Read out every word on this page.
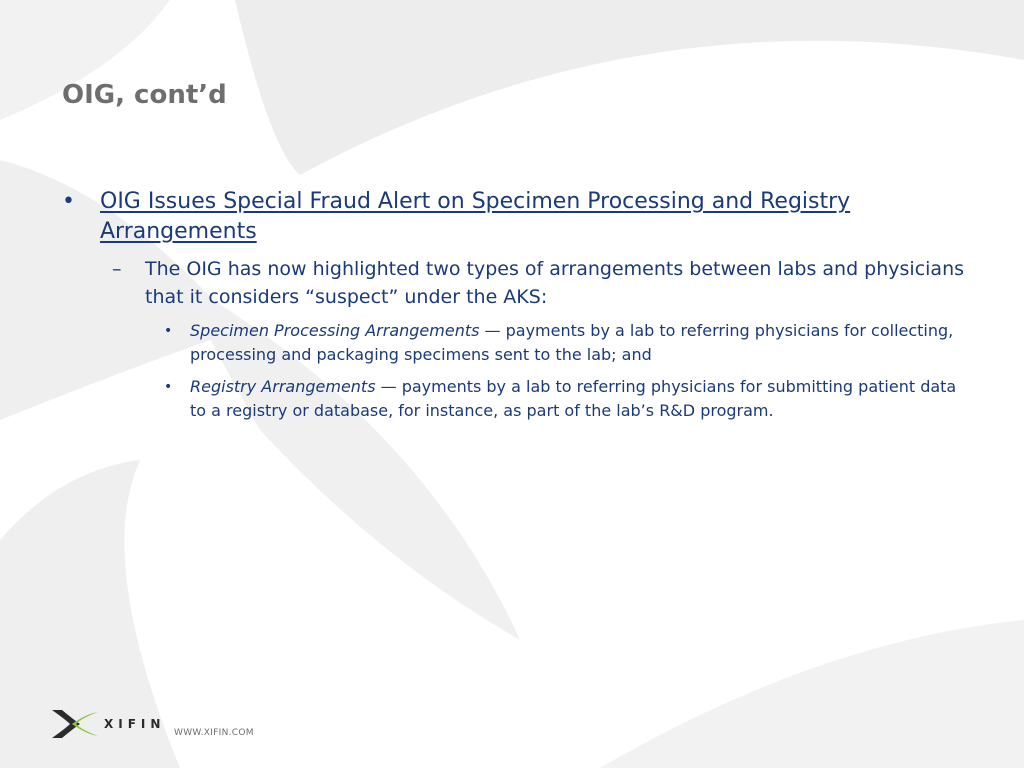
OIG, cont’d
• OIG Issues Special Fraud Alert on Specimen Processing and Registry Arrangements
– The OIG has now highlighted two types of arrangements between labs and physicians that it considers “suspect” under the AKS:
• Specimen Processing Arrangements — payments by a lab to referring physicians for collecting, processing and packaging specimens sent to the lab; and
• Registry Arrangements — payments by a lab to referring physicians for submitting patient data to a registry or database, for instance, as part of the lab’s R&D program.
XIFIN
WWW.XIFIN.COM
